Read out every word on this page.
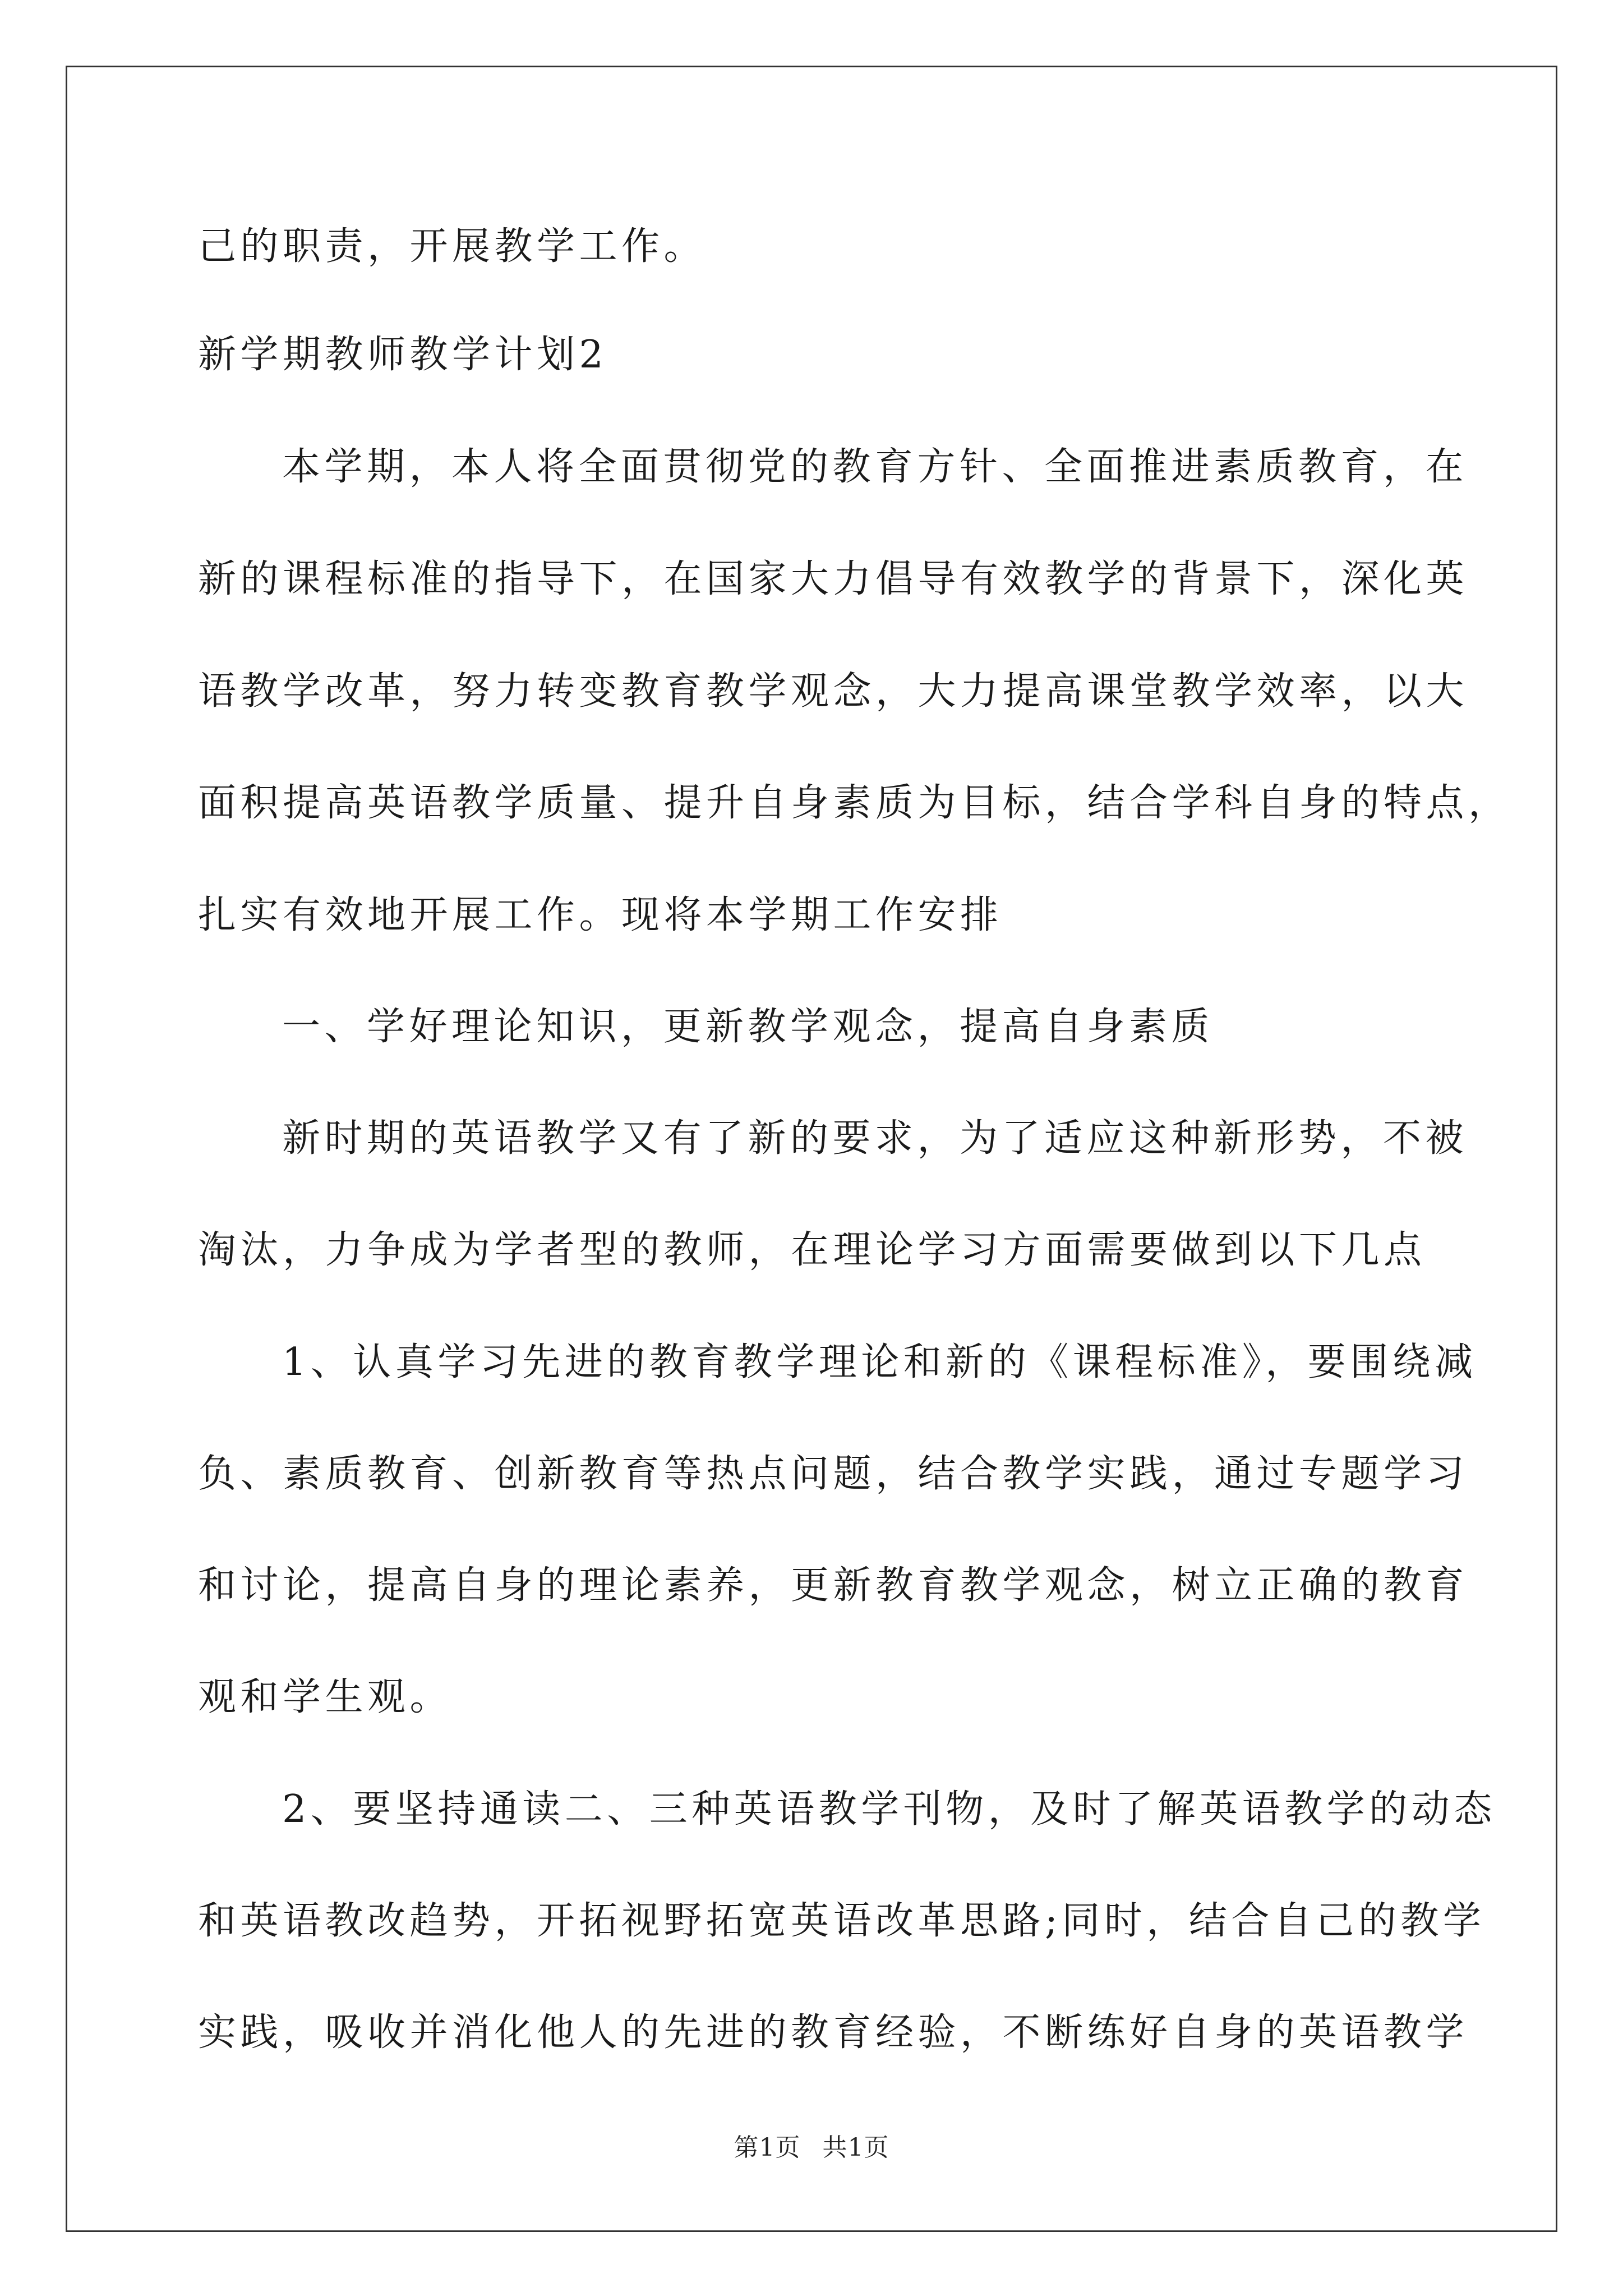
己的职责，开展教学工作。
新学期教师教学计划2
本学期，本人将全面贯彻党的教育方针、全面推进素质教育，在
新的课程标准的指导下，在国家大力倡导有效教学的背景下，深化英
语教学改革，努力转变教育教学观念，大力提高课堂教学效率，以大
面积提高英语教学质量、提升自身素质为目标，结合学科自身的特点，
扎实有效地开展工作。现将本学期工作安排
一、学好理论知识，更新教学观念，提高自身素质
新时期的英语教学又有了新的要求，为了适应这种新形势，不被
淘汰，力争成为学者型的教师，在理论学习方面需要做到以下几点
1、认真学习先进的教育教学理论和新的《课程标准》，要围绕减
负、素质教育、创新教育等热点问题，结合教学实践，通过专题学习
和讨论，提高自身的理论素养，更新教育教学观念，树立正确的教育
观和学生观。
2、要坚持通读二、三种英语教学刊物，及时了解英语教学的动态
和英语教改趋势，开拓视野拓宽英语改革思路;同时，结合自己的教学
实践，吸收并消化他人的先进的教育经验，不断练好自身的英语教学
第1页 共1页
